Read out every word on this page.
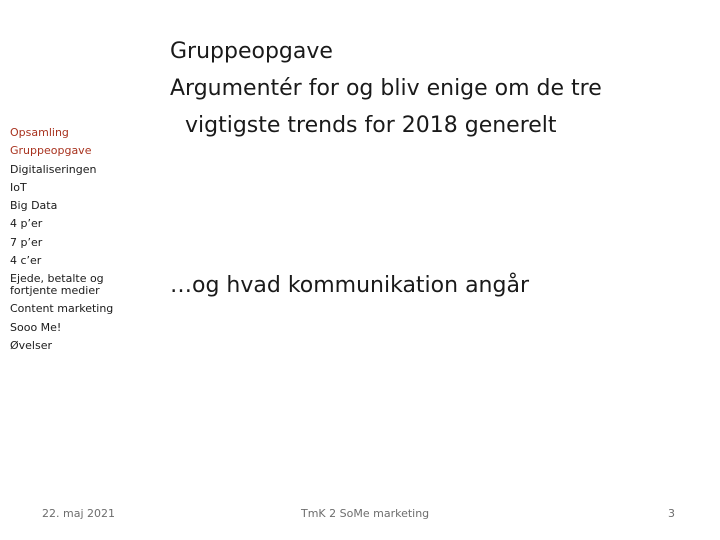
Opsamling
Gruppeopgave
Digitaliseringen
IoT
Big Data
4 p’er
7 p’er
4 c’er
Ejede, betalte og fortjente medier
Content marketing
Sooo Me!
Øvelser
Gruppeopgave
Argumentér for og bliv enige om de tre
vigtigste trends for 2018 generelt
…og hvad kommunikation angår
22. maj 2021	TmK 2 SoMe marketing	3
